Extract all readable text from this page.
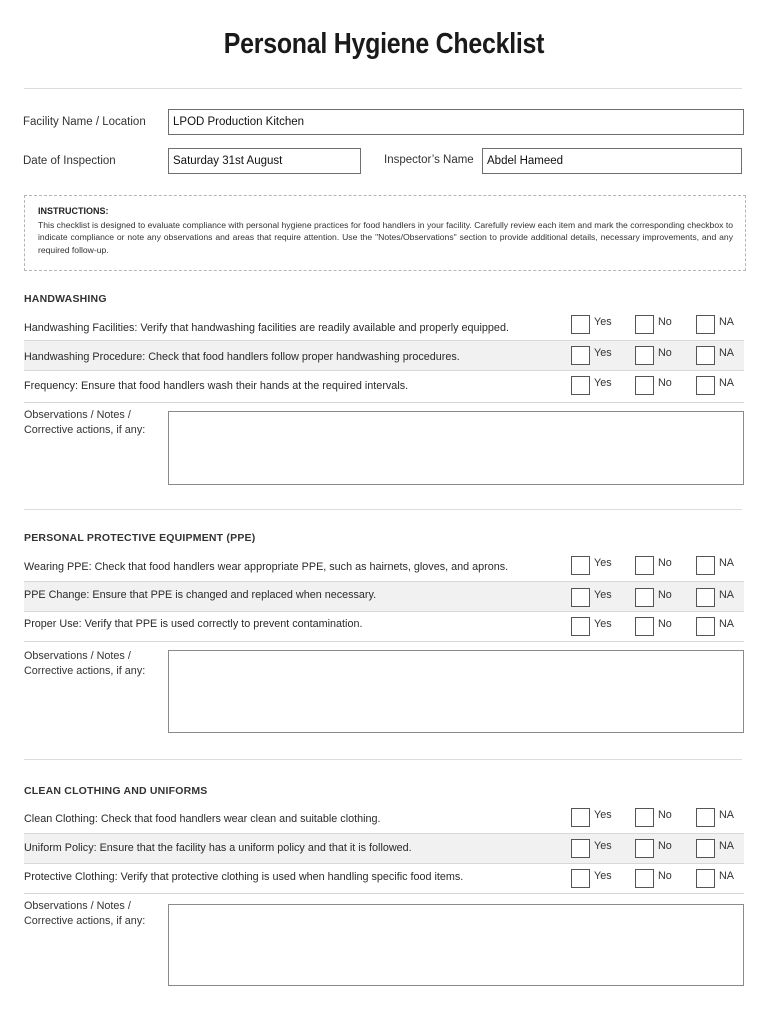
Personal Hygiene Checklist
Facility Name / Location	LPOD Production Kitchen
Date of Inspection	Saturday 31st August	Inspector’s Name	Abdel Hameed
INSTRUCTIONS:
This checklist is designed to evaluate compliance with personal hygiene practices for food handlers in your facility. Carefully review each item and mark the corresponding checkbox to indicate compliance or note any observations and areas that require attention. Use the "Notes/Observations" section to provide additional details, necessary improvements, and any required follow-up.
HANDWASHING
Handwashing Facilities: Verify that handwashing facilities are readily available and properly equipped.	Yes	No	NA
Handwashing Procedure: Check that food handlers follow proper handwashing procedures.	Yes	No	NA
Frequency: Ensure that food handlers wash their hands at the required intervals.	Yes	No	NA
Observations / Notes /
Corrective actions, if any:
PERSONAL PROTECTIVE EQUIPMENT (PPE)
Wearing PPE: Check that food handlers wear appropriate PPE, such as hairnets, gloves, and aprons.	Yes	No	NA
PPE Change: Ensure that PPE is changed and replaced when necessary.	Yes	No	NA
Proper Use: Verify that PPE is used correctly to prevent contamination.	Yes	No	NA
Observations / Notes /
Corrective actions, if any:
CLEAN CLOTHING AND UNIFORMS
Clean Clothing: Check that food handlers wear clean and suitable clothing.	Yes	No	NA
Uniform Policy: Ensure that the facility has a uniform policy and that it is followed.	Yes	No	NA
Protective Clothing: Verify that protective clothing is used when handling specific food items.	Yes	No	NA
Observations / Notes /
Corrective actions, if any:
